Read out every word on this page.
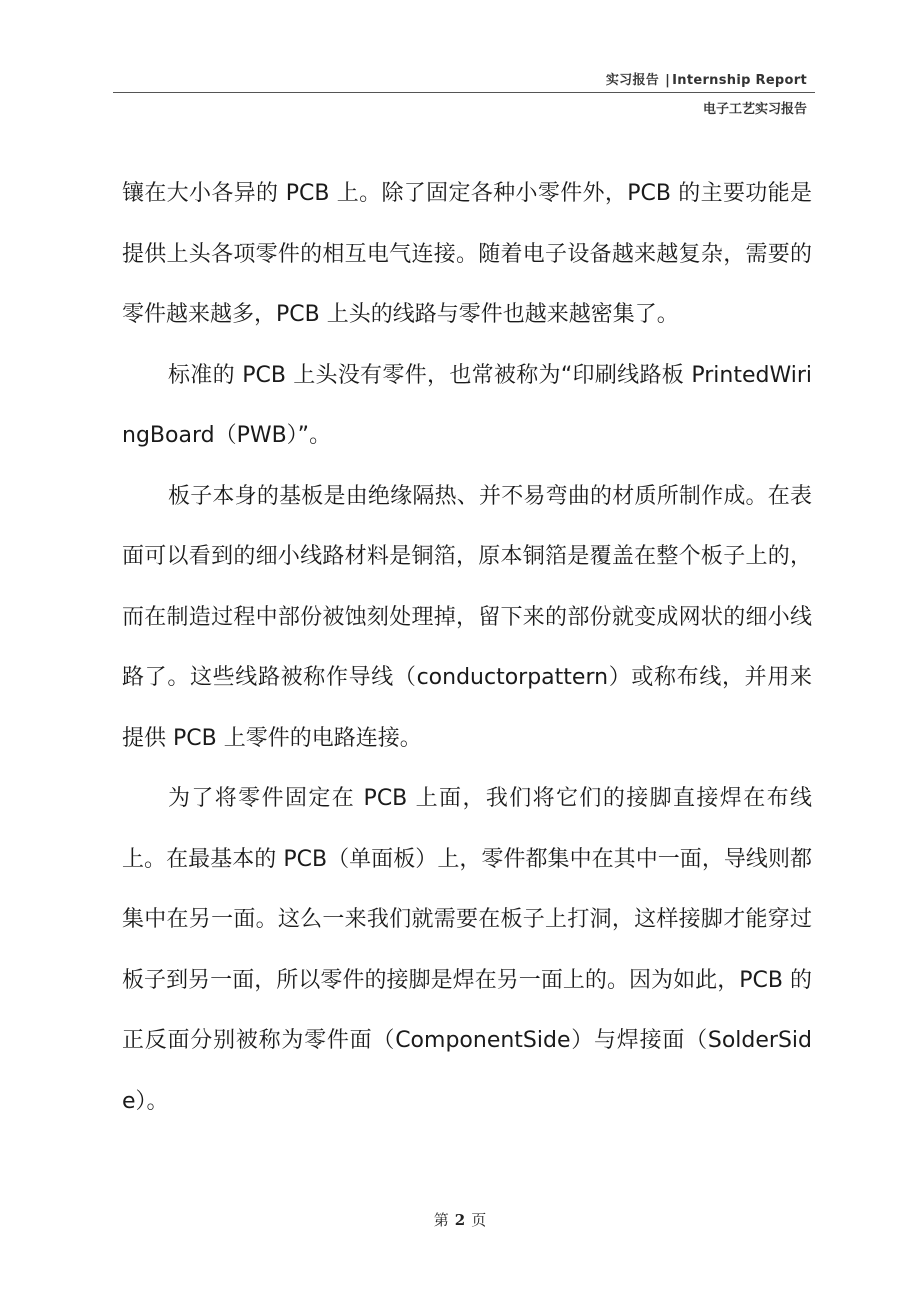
实习报告 | Internship Report
电子工艺实习报告

镶在大小各异的 PCB 上。除了固定各种小零件外，PCB 的主要功能是提供上头各项零件的相互电气连接。随着电子设备越来越复杂，需要的零件越来越多，PCB 上头的线路与零件也越来越密集了。

标准的 PCB 上头没有零件，也常被称为“印刷线路板 PrintedWiringBoard（PWB）”。

板子本身的基板是由绝缘隔热、并不易弯曲的材质所制作成。在表面可以看到的细小线路材料是铜箔，原本铜箔是覆盖在整个板子上的，而在制造过程中部份被蚀刻处理掉，留下来的部份就变成网状的细小线路了。这些线路被称作导线（conductorpattern）或称布线，并用来提供 PCB 上零件的电路连接。

为了将零件固定在 PCB 上面，我们将它们的接脚直接焊在布线上。在最基本的 PCB（单面板）上，零件都集中在其中一面，导线则都集中在另一面。这么一来我们就需要在板子上打洞，这样接脚才能穿过板子到另一面，所以零件的接脚是焊在另一面上的。因为如此，PCB 的正反面分别被称为零件面（ComponentSide）与焊接面（SolderSide）。

第 2 页
